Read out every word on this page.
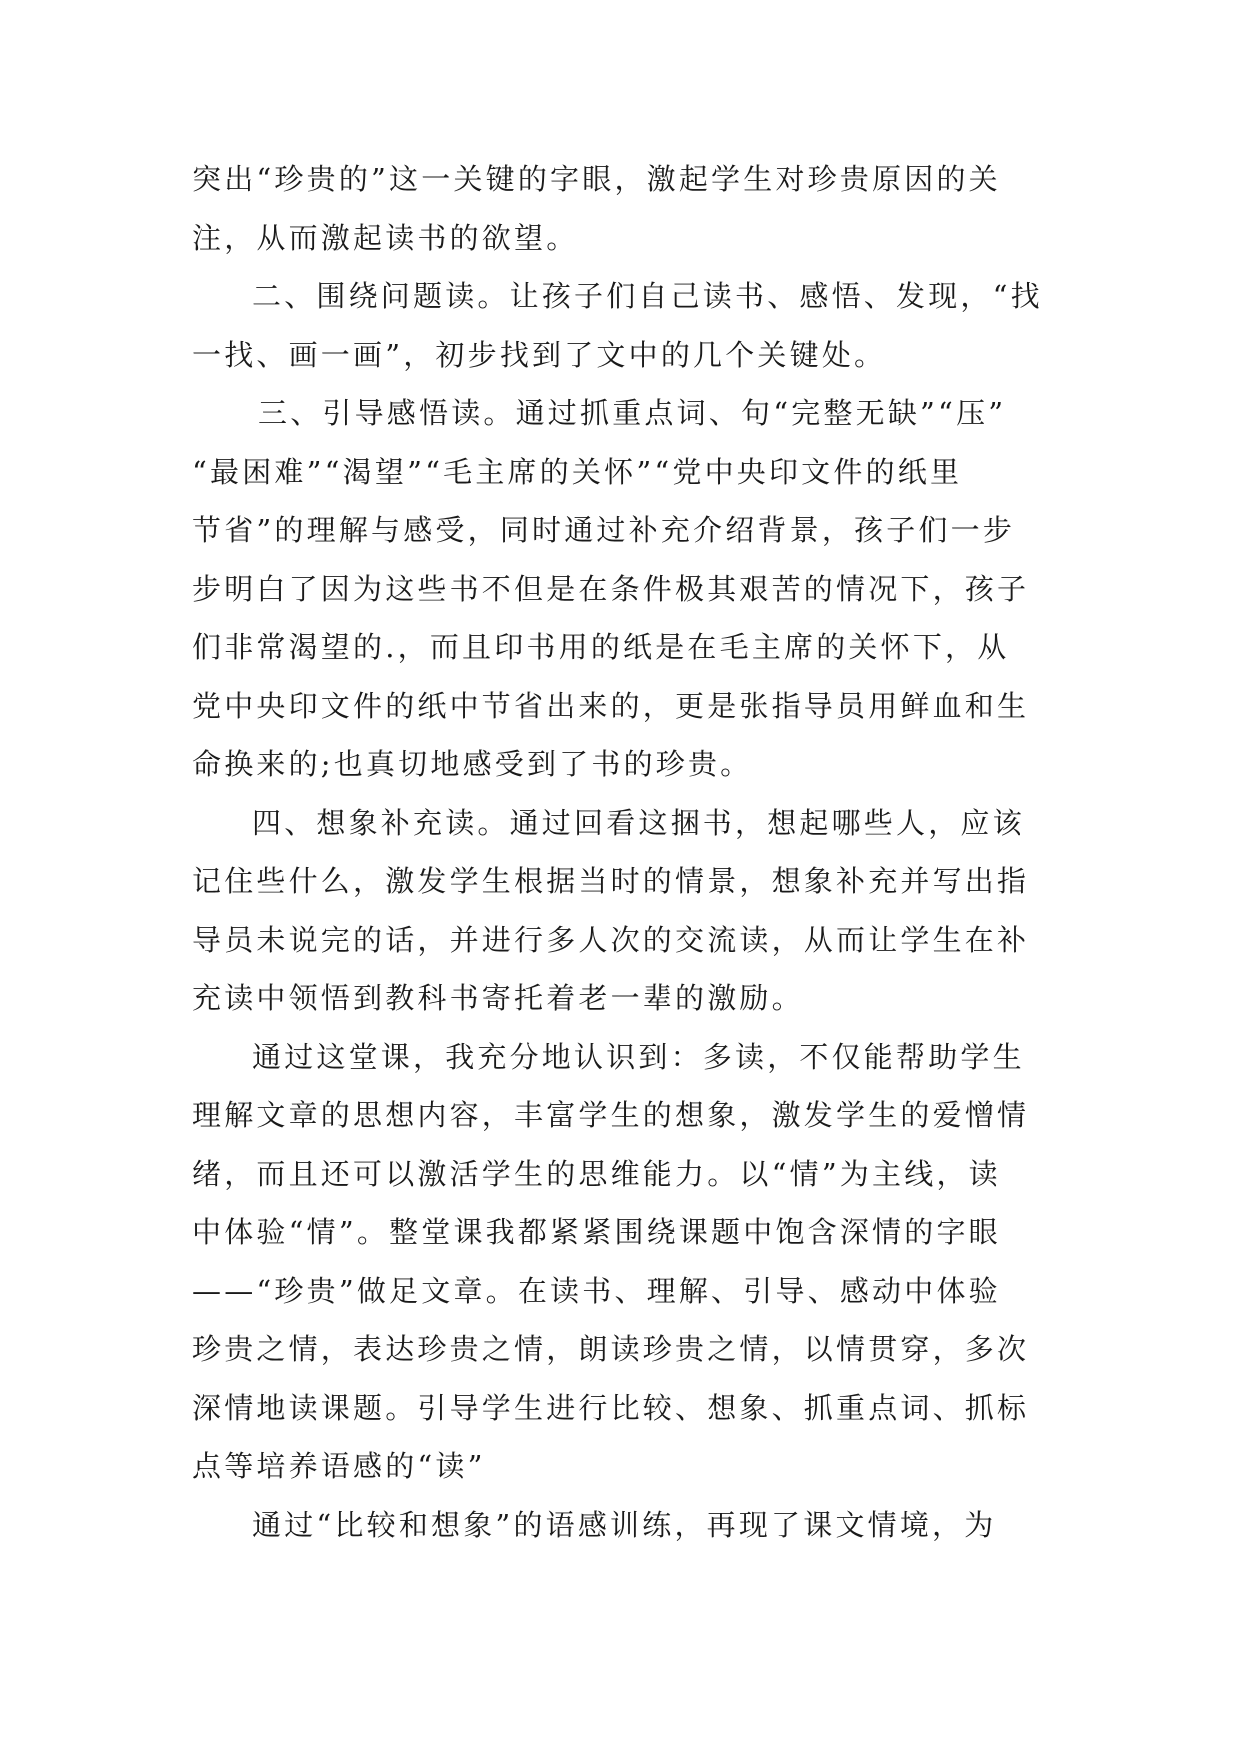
突出“珍贵的”这一关键的字眼，激起学生对珍贵原因的关
注，从而激起读书的欲望。
二、围绕问题读。让孩子们自己读书、感悟、发现，“找
一找、画一画”，初步找到了文中的几个关键处。
三、引导感悟读。通过抓重点词、句“完整无缺”“压”
“最困难”“渴望”“毛主席的关怀”“党中央印文件的纸里
节省”的理解与感受，同时通过补充介绍背景，孩子们一步
步明白了因为这些书不但是在条件极其艰苦的情况下，孩子
们非常渴望的.，而且印书用的纸是在毛主席的关怀下，从
党中央印文件的纸中节省出来的，更是张指导员用鲜血和生
命换来的;也真切地感受到了书的珍贵。
四、想象补充读。通过回看这捆书，想起哪些人，应该
记住些什么，激发学生根据当时的情景，想象补充并写出指
导员未说完的话，并进行多人次的交流读，从而让学生在补
充读中领悟到教科书寄托着老一辈的激励。
通过这堂课，我充分地认识到：多读，不仅能帮助学生
理解文章的思想内容，丰富学生的想象，激发学生的爱憎情
绪，而且还可以激活学生的思维能力。以“情”为主线，读
中体验“情”。整堂课我都紧紧围绕课题中饱含深情的字眼
——“珍贵”做足文章。在读书、理解、引导、感动中体验
珍贵之情，表达珍贵之情，朗读珍贵之情，以情贯穿，多次
深情地读课题。引导学生进行比较、想象、抓重点词、抓标
点等培养语感的“读”
通过“比较和想象”的语感训练，再现了课文情境，为
